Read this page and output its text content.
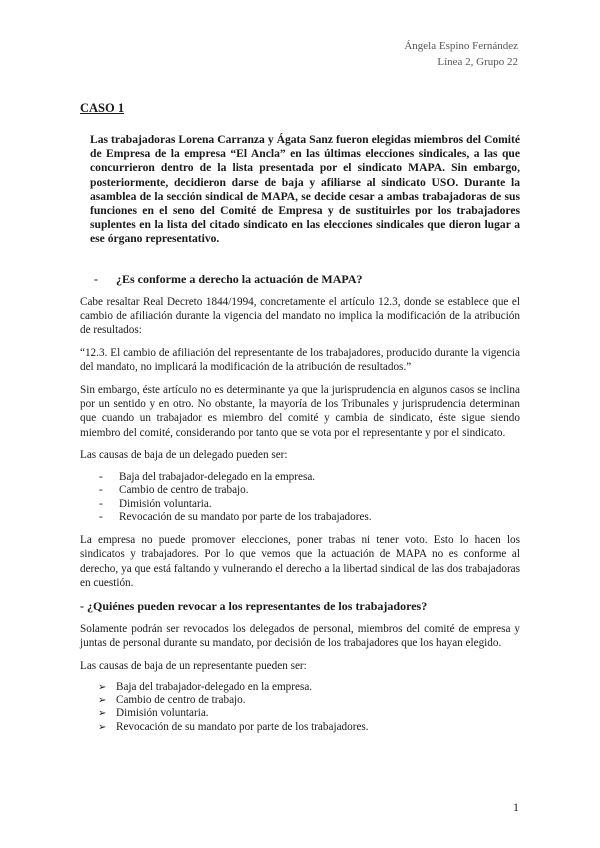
Ángela Espino Fernández
Línea 2, Grupo 22
CASO 1

Las trabajadoras Lorena Carranza y Ágata Sanz fueron elegidas miembros del Comité de Empresa de la empresa “El Ancla” en las últimas elecciones sindicales, a las que concurrieron dentro de la lista presentada por el sindicato MAPA. Sin embargo, posteriormente, decidieron darse de baja y afiliarse al sindicato USO. Durante la asamblea de la sección sindical de MAPA, se decide cesar a ambas trabajadoras de sus funciones en el seno del Comité de Empresa y de sustituirles por los trabajadores suplentes en la lista del citado sindicato en las elecciones sindicales que dieron lugar a ese órgano representativo.

- ¿Es conforme a derecho la actuación de MAPA?

Cabe resaltar Real Decreto 1844/1994, concretamente el artículo 12.3, donde se establece que el cambio de afiliación durante la vigencia del mandato no implica la modificación de la atribución de resultados:

“12.3. El cambio de afiliación del representante de los trabajadores, producido durante la vigencia del mandato, no implicará la modificación de la atribución de resultados.”

Sin embargo, éste artículo no es determinante ya que la jurisprudencia en algunos casos se inclina por un sentido y en otro. No obstante, la mayoría de los Tribunales y jurisprudencia determinan que cuando un trabajador es miembro del comité y cambia de sindicato, éste sigue siendo miembro del comité, considerando por tanto que se vota por el representante y por el sindicato.

Las causas de baja de un delegado pueden ser:

- Baja del trabajador-delegado en la empresa.
- Cambio de centro de trabajo.
- Dimisión voluntaria.
- Revocación de su mandato por parte de los trabajadores.

La empresa no puede promover elecciones, poner trabas ni tener voto. Esto lo hacen los sindicatos y trabajadores. Por lo que vemos que la actuación de MAPA no es conforme al derecho, ya que está faltando y vulnerando el derecho a la libertad sindical de las dos trabajadoras en cuestión.

- ¿Quiénes pueden revocar a los representantes de los trabajadores?

Solamente podrán ser revocados los delegados de personal, miembros del comité de empresa y juntas de personal durante su mandato, por decisión de los trabajadores que los hayan elegido.

Las causas de baja de un representante pueden ser:

➢ Baja del trabajador-delegado en la empresa.
➢ Cambio de centro de trabajo.
➢ Dimisión voluntaria.
➢ Revocación de su mandato por parte de los trabajadores.
1
